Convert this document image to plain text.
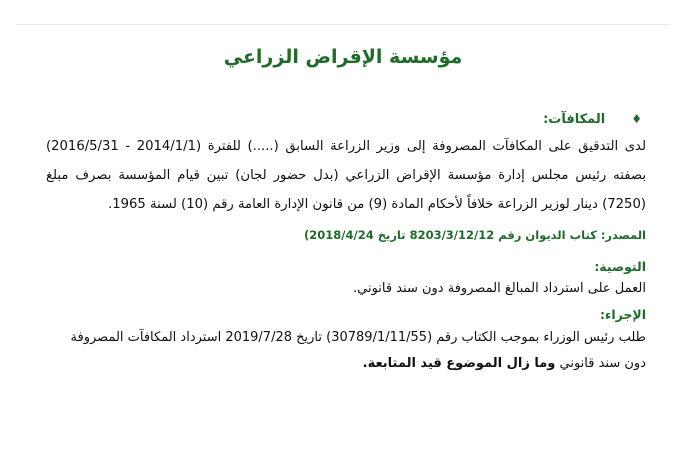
مؤسسة الإقراض الزراعي
♦
المكافآت:

لدى التدقيق على المكافآت المصروفة إلى وزير الزراعة السابق (.....) للفترة (2014/1/1 - 2016/5/31) بصفته رئيس مجلس إدارة مؤسسة الإقراض الزراعي (بدل حضور لجان) تبين قيام المؤسسة بصرف مبلغ (7250) دينار لوزير الزراعة خلافاً لأحكام المادة (9) من قانون الإدارة العامة رقم (10) لسنة 1965.

المصدر: كتاب الديوان رقم 8203/3/12/12 تاريخ 2018/4/24)
التوصية:
العمل على استرداد المبالغ المصروفة دون سند قانوني.
الإجراء:
طلب رئيس الوزراء بموجب الكتاب رقم (30789/1/11/55) تاريخ 2019/7/28 استرداد المكافآت المصروفة دون سند قانوني وما زال الموضوع قيد المتابعة.
